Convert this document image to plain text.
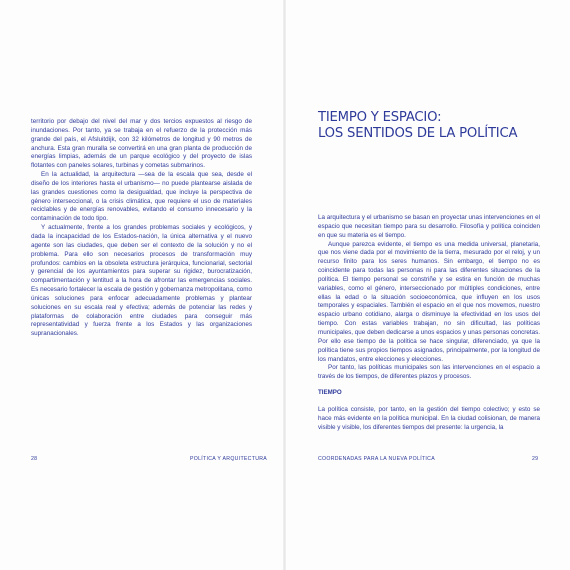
territorio por debajo del nivel del mar y dos tercios expuestos al riesgo de inundaciones. Por tanto, ya se trabaja en el refuerzo de la protección más grande del país, el Afsluitdijk, con 32 kilómetros de longitud y 90 metros de anchura. Esta gran muralla se convertirá en una gran planta de producción de energías limpias, además de un parque ecológico y del proyecto de islas flotantes con paneles solares, turbinas y cometas submarinos.

En la actualidad, la arquitectura —sea de la escala que sea, desde el diseño de los interiores hasta el urbanismo— no puede plantearse aislada de las grandes cuestiones como la desigualdad, que incluye la perspectiva de género interseccional, o la crisis climática, que requiere el uso de materiales reciclables y de energías renovables, evitando el consumo innecesario y la contaminación de todo tipo.

Y actualmente, frente a los grandes problemas sociales y ecológicos, y dada la incapacidad de los Estados-nación, la única alternativa y el nuevo agente son las ciudades, que deben ser el contexto de la solución y no el problema. Para ello son necesarios procesos de transformación muy profundos: cambios en la obsoleta estructura jerárquica, funcionarial, sectorial y gerencial de los ayuntamientos para superar su rigidez, burocratización, compartimentación y lentitud a la hora de afrontar las emergencias sociales. Es necesario fortalecer la escala de gestión y gobernanza metropolitana, como únicas soluciones para enfocar adecuadamente problemas y plantear soluciones en su escala real y efectiva; además de potenciar las redes y plataformas de colaboración entre ciudades para conseguir más representatividad y fuerza frente a los Estados y las organizaciones supranacionales.

TIEMPO Y ESPACIO:
LOS SENTIDOS DE LA POLÍTICA

La arquitectura y el urbanismo se basan en proyectar unas intervenciones en el espacio que necesitan tiempo para su desarrollo. Filosofía y política coinciden en que su materia es el tiempo.

Aunque parezca evidente, el tiempo es una medida universal, planetaria, que nos viene dada por el movimiento de la tierra, mesurado por el reloj, y un recurso finito para los seres humanos. Sin embargo, el tiempo no es coincidente para todas las personas ni para las diferentes situaciones de la política. El tiempo personal se constriñe y se estira en función de muchas variables, como el género, interseccionado por múltiples condiciones, entre ellas la edad o la situación socioeconómica, que influyen en los usos temporales y espaciales. También el espacio en el que nos movemos, nuestro espacio urbano cotidiano, alarga o disminuye la efectividad en los usos del tiempo. Con estas variables trabajan, no sin dificultad, las políticas municipales, que deben dedicarse a unos espacios y unas personas concretas. Por ello ese tiempo de la política se hace singular, diferenciado, ya que la política tiene sus propios tiempos asignados, principalmente, por la longitud de los mandatos, entre elecciones y elecciones.

Por tanto, las políticas municipales son las intervenciones en el espacio a través de los tiempos, de diferentes plazos y procesos.

TIEMPO

La política consiste, por tanto, en la gestión del tiempo colectivo; y esto se hace más evidente en la política municipal. En la ciudad colisionan, de manera visible y visible, los diferentes tiempos del presente: la urgencia, la

28	POLÍTICA Y ARQUITECTURA	COORDENADAS PARA LA NUEVA POLÍTICA	29
